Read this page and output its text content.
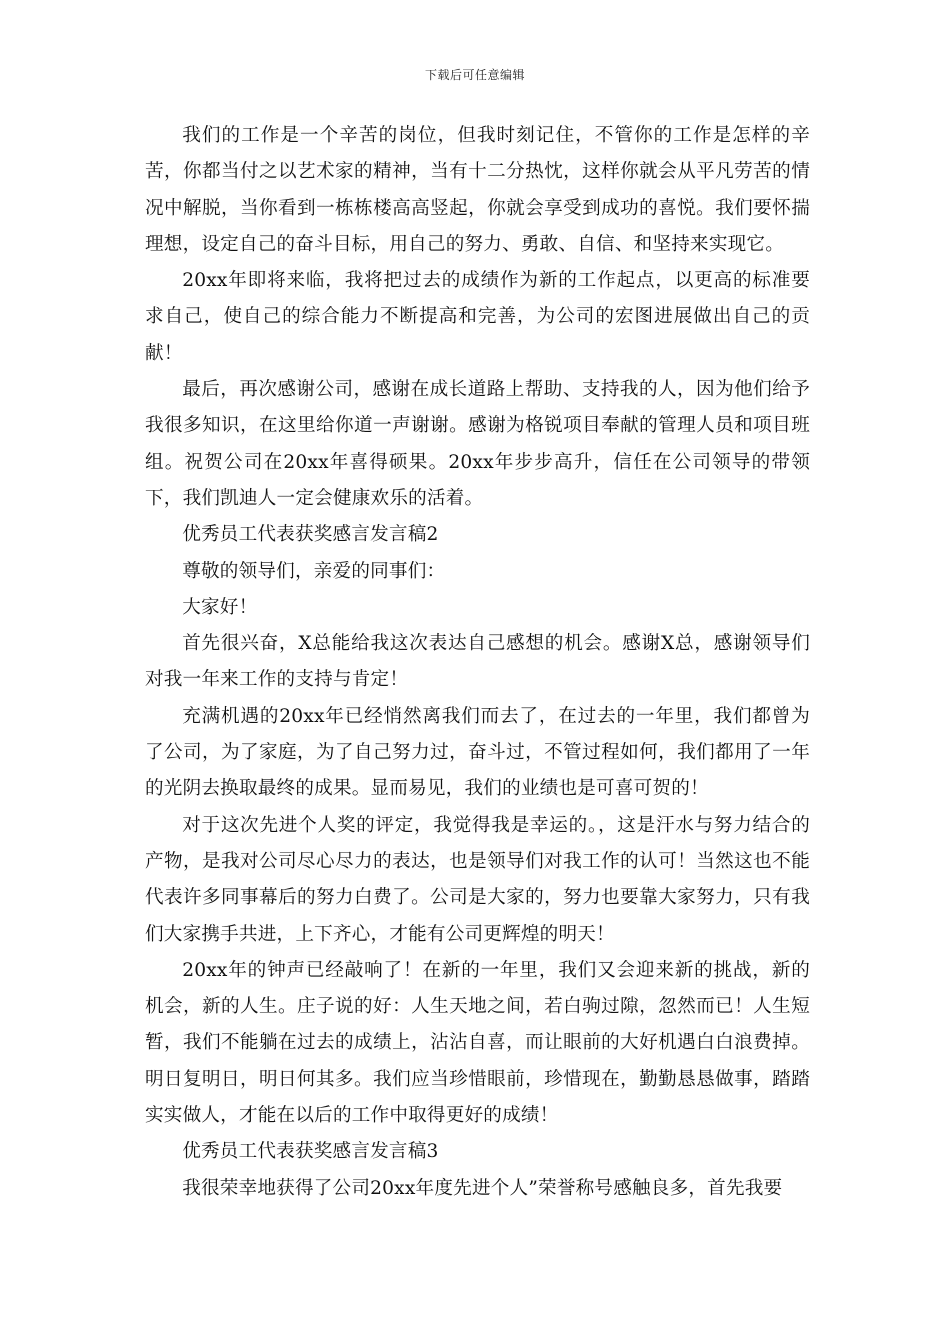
下载后可任意编辑

我们的工作是一个辛苦的岗位，但我时刻记住，不管你的工作是怎样的辛苦，你都当付之以艺术家的精神，当有十二分热忱，这样你就会从平凡劳苦的情况中解脱，当你看到一栋栋楼高高竖起，你就会享受到成功的喜悦。我们要怀揣理想，设定自己的奋斗目标，用自己的努力、勇敢、自信、和坚持来实现它。

20xx年即将来临，我将把过去的成绩作为新的工作起点，以更高的标准要求自己，使自己的综合能力不断提高和完善，为公司的宏图进展做出自己的贡献！

最后，再次感谢公司，感谢在成长道路上帮助、支持我的人，因为他们给予我很多知识，在这里给你道一声谢谢。感谢为格锐项目奉献的管理人员和项目班组。祝贺公司在20xx年喜得硕果。20xx年步步高升，信任在公司领导的带领下，我们凯迪人一定会健康欢乐的活着。

优秀员工代表获奖感言发言稿2

尊敬的领导们，亲爱的同事们：

大家好！

首先很兴奋，X总能给我这次表达自己感想的机会。感谢X总，感谢领导们对我一年来工作的支持与肯定！

充满机遇的20xx年已经悄然离我们而去了，在过去的一年里，我们都曾为了公司，为了家庭，为了自己努力过，奋斗过，不管过程如何，我们都用了一年的光阴去换取最终的成果。显而易见，我们的业绩也是可喜可贺的！

对于这次先进个人奖的评定，我觉得我是幸运的。，这是汗水与努力结合的产物，是我对公司尽心尽力的表达，也是领导们对我工作的认可！当然这也不能代表许多同事幕后的努力白费了。公司是大家的，努力也要靠大家努力，只有我们大家携手共进，上下齐心，才能有公司更辉煌的明天！

20xx年的钟声已经敲响了！在新的一年里，我们又会迎来新的挑战，新的机会，新的人生。庄子说的好：人生天地之间，若白驹过隙，忽然而已！人生短暂，我们不能躺在过去的成绩上，沾沾自喜，而让眼前的大好机遇白白浪费掉。明日复明日，明日何其多。我们应当珍惜眼前，珍惜现在，勤勤恳恳做事，踏踏实实做人，才能在以后的工作中取得更好的成绩！

优秀员工代表获奖感言发言稿3

我很荣幸地获得了公司20xx年度先进个人”荣誉称号感触良多，首先我要
